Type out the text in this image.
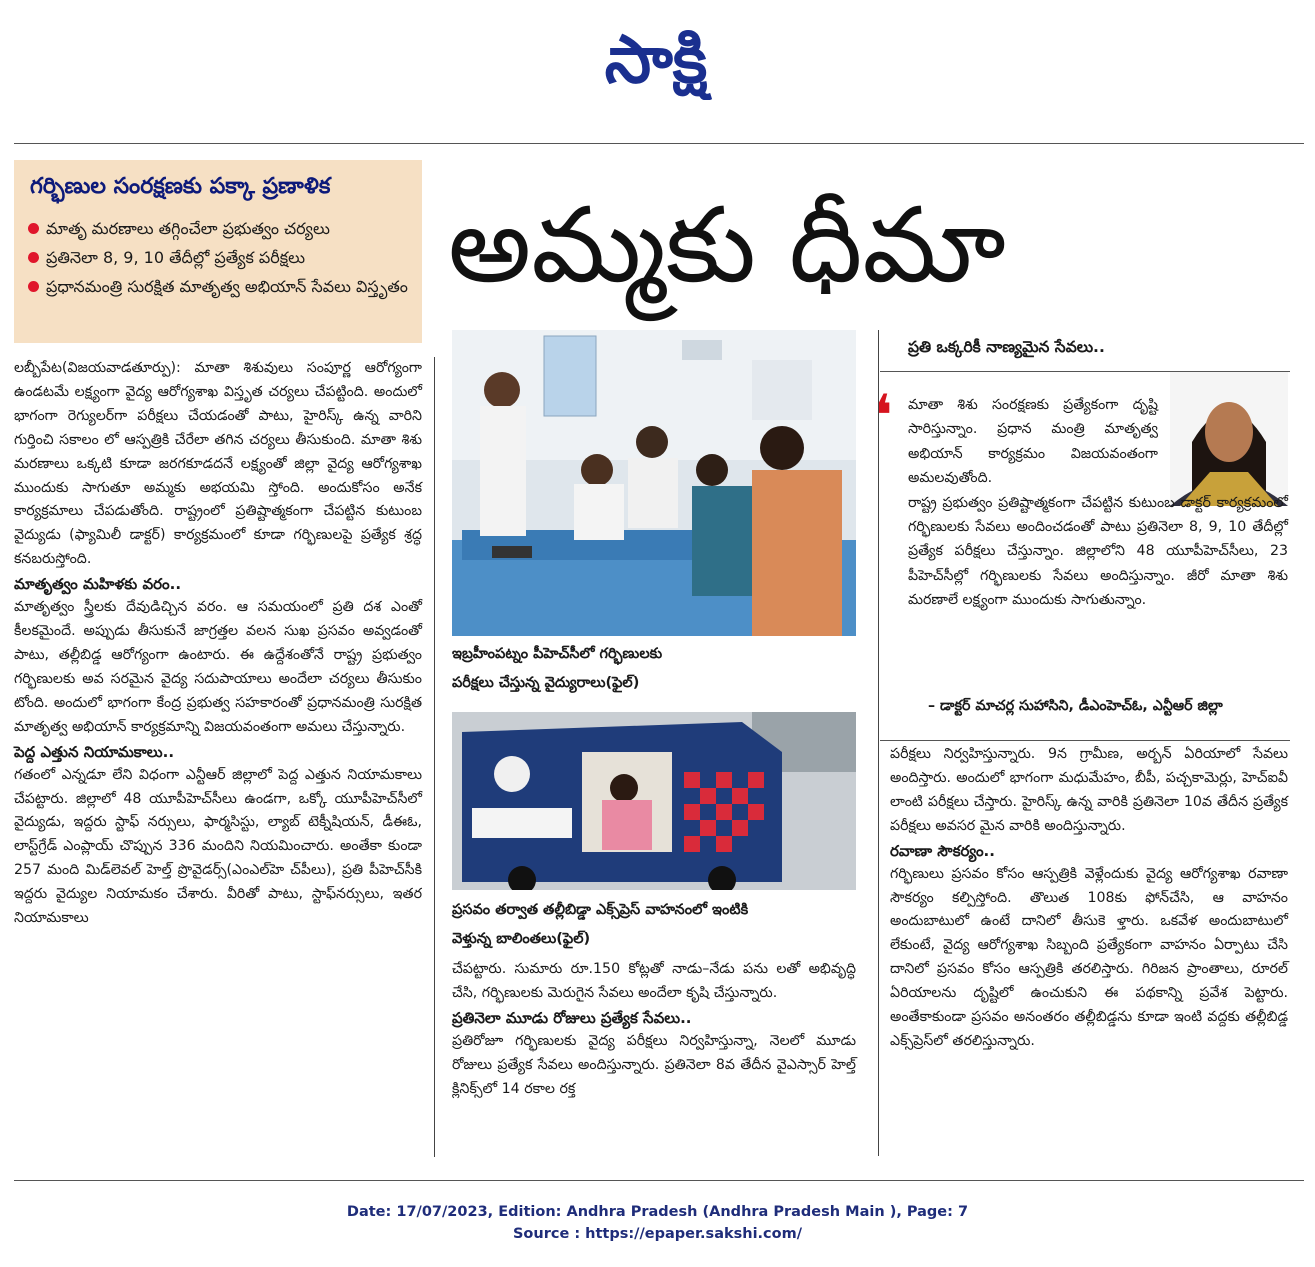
సాక్షి
గర్భిణుల సంరక్షణకు పక్కా ప్రణాళిక
మాతృ మరణాలు తగ్గించేలా ప్రభుత్వం చర్యలు
ప్రతినెలా 8, 9, 10 తేదీల్లో ప్రత్యేక పరీక్షలు
ప్రధానమంత్రి సురక్షిత మాతృత్వ అభియాన్ సేవలు విస్తృతం అమ్మకు ధీమా

లబ్బీపేట(విజయవాడతూర్పు): మాతా శిశువులు సంపూర్ణ ఆరోగ్యంగా ఉండటమే లక్ష్యంగా వైద్య ఆరోగ్యశాఖ విస్తృత చర్యలు చేపట్టింది. అందులో భాగంగా రెగ్యులర్‌గా పరీక్షలు చేయడంతో పాటు, హైరిస్క్‌ ఉన్న వారిని గుర్తించి సకాలం లో ఆస్పత్రికి చేరేలా తగిన చర్యలు తీసుకుంది. మాతా శిశు మరణాలు ఒక్కటి కూడా జరగకూడదనే లక్ష్యంతో జిల్లా వైద్య ఆరోగ్యశాఖ ముందుకు సాగుతూ అమ్మకు అభయమి స్తోంది. అందుకోసం అనేక కార్యక్రమాలు చేపడుతోంది. రాష్ట్రంలో ప్రతిష్టాత్మకంగా చేపట్టిన కుటుంబ వైద్యుడు (ఫ్యామిలీ డాక్టర్‌) కార్యక్రమంలో కూడా గర్భిణులపై ప్రత్యేక శ్రద్ధ కనబరుస్తోంది.

మాతృత్వం మహిళకు వరం..

మాతృత్వం స్త్రీలకు దేవుడిచ్చిన వరం. ఆ సమయంలో ప్రతి దశ ఎంతో కీలకమైందే. అప్పుడు తీసుకునే జాగ్రత్తల వలన సుఖ ప్రసవం అవ్వడంతో పాటు, తల్లీబిడ్డ ఆరోగ్యంగా ఉంటారు. ఈ ఉద్దేశంతోనే రాష్ట్ర ప్రభుత్వం గర్భిణులకు అవ సరమైన వైద్య సదుపాయాలు అందేలా చర్యలు తీసుకుం టోంది. అందులో భాగంగా కేంద్ర ప్రభుత్వ సహకారంతో ప్రధానమంత్రి సురక్షిత మాతృత్వ అభియాన్‌ కార్యక్రమాన్ని విజయవంతంగా అమలు చేస్తున్నారు.

పెద్ద ఎత్తున నియామకాలు..

గతంలో ఎన్నడూ లేని విధంగా ఎన్టీఆర్‌ జిల్లాలో పెద్ద ఎత్తున నియామకాలు చేపట్టారు. జిల్లాలో 48 యూపీహెచ్‌సీలు ఉండగా, ఒక్కో యూపీహెచ్‌సీలో వైద్యుడు, ఇద్దరు స్టాఫ్‌ నర్సులు, ఫార్మసిస్టు, ల్యాబ్‌ టెక్నీషియన్‌, డీఈఓ, లాస్ట్‌గ్రేడ్‌ ఎంప్లాయ్‌ చొప్పున 336 మందిని నియమించారు. అంతేకా కుండా 257 మంది మిడ్‌లెవల్‌ హెల్త్‌ ప్రొవైడర్స్‌(ఎంఎల్‌హె చ్‌పీలు), ప్రతి పీహెచ్‌సీకి ఇద్దరు వైద్యుల నియామకం చేశారు. వీరితో పాటు, స్టాఫ్‌నర్సులు, ఇతర నియామకాలు

ఇబ్రహీంపట్నం పీహెచ్‌సీలో గర్భిణులకు
పరీక్షలు చేస్తున్న వైద్యురాలు(ఫైల్‌)
ప్రసవం తర్వాత తల్లీబిడ్డా ఎక్స్‌ప్రెస్‌ వాహనంలో ఇంటికి
వెళ్తున్న బాలింతలు(ఫైల్‌)

చేపట్టారు. సుమారు రూ.150 కోట్లతో నాడు–నేడు పను లతో అభివృద్ధి చేసి, గర్భిణులకు మెరుగైన సేవలు అందేలా కృషి చేస్తున్నారు.

ప్రతినెలా మూడు రోజులు ప్రత్యేక సేవలు..

ప్రతిరోజూ గర్భిణులకు వైద్య పరీక్షలు నిర్వహిస్తున్నా, నెలలో మూడు రోజులు ప్రత్యేక సేవలు అందిస్తున్నారు. ప్రతినెలా 8వ తేదీన వైఎస్సార్‌ హెల్త్‌ క్లినిక్స్‌లో 14 రకాల రక్త

ప్రతి ఒక్కరికీ నాణ్యమైన సేవలు..
❛ మాతా శిశు సంరక్షణకు ప్రత్యేకంగా దృష్టి సారిస్తున్నాం. ప్రధాన మంత్రి మాతృత్వ అభియాన్‌ కార్యక్రమం విజయవంతంగా అమలవుతోంది.
రాష్ట్ర ప్రభుత్వం ప్రతిష్టాత్మకంగా చేపట్టిన కుటుంబ డాక్టర్‌ కార్యక్రమంలో గర్భిణులకు సేవలు అందించడంతో పాటు ప్రతినెలా 8, 9, 10 తేదీల్లో ప్రత్యేక పరీక్షలు చేస్తున్నాం. జిల్లాలోని 48 యూపీహెచ్‌సీలు, 23 పీహెచ్‌సీల్లో గర్భిణులకు సేవలు అందిస్తున్నాం. జీరో మాతా శిశు మరణాలే లక్ష్యంగా ముందుకు సాగుతున్నాం.
– డాక్టర్‌ మాచర్ల సుహాసిని, డీఎంహెచ్‌ఓ, ఎన్టీఆర్‌ జిల్లా

పరీక్షలు నిర్వహిస్తున్నారు. 9న గ్రామీణ, అర్బన్‌ ఏరియాలో సేవలు అందిస్తారు. అందులో భాగంగా మధుమేహం, బీపీ, పచ్చకామెర్లు, హెచ్‌ఐవీ లాంటి పరీక్షలు చేస్తారు. హైరిస్క్‌ ఉన్న వారికి ప్రతినెలా 10వ తేదీన ప్రత్యేక పరీక్షలు అవసర మైన వారికి అందిస్తున్నారు.

రవాణా సౌకర్యం..

గర్భిణులు ప్రసవం కోసం ఆస్పత్రికి వెళ్లేందుకు వైద్య ఆరోగ్యశాఖ రవాణా సౌకర్యం కల్పిస్తోంది. తొలుత 108కు ఫోన్‌చేసి, ఆ వాహనం అందుబాటులో ఉంటే దానిలో తీసుకె ళ్తారు. ఒకవేళ అందుబాటులో లేకుంటే, వైద్య ఆరోగ్యశాఖ సిబ్బంది ప్రత్యేకంగా వాహనం ఏర్పాటు చేసి దానిలో ప్రసవం కోసం ఆస్పత్రికి తరలిస్తారు. గిరిజన ప్రాంతాలు, రూరల్‌ ఏరియాలను దృష్టిలో ఉంచుకుని ఈ పథకాన్ని ప్రవేశ పెట్టారు. అంతేకాకుండా ప్రసవం అనంతరం తల్లీబిడ్డను కూడా ఇంటి వద్దకు తల్లీబిడ్డ ఎక్స్‌ప్రెస్‌లో తరలిస్తున్నారు.

Date: 17/07/2023, Edition: Andhra Pradesh (Andhra Pradesh Main ), Page: 7
Source : https://epaper.sakshi.com/
